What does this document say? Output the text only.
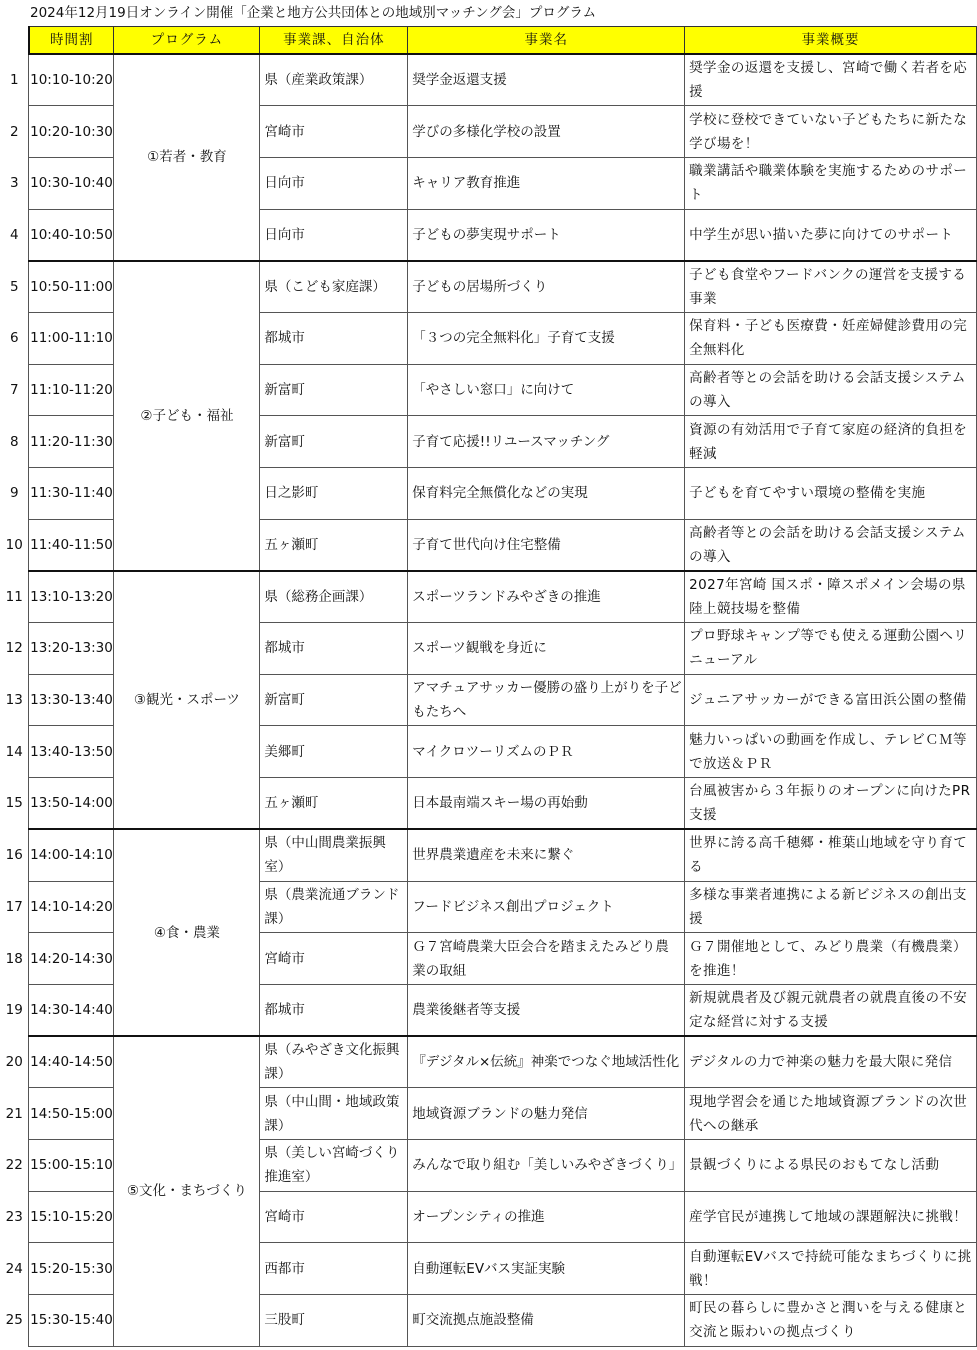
2024年12月19日オンライン開催「企業と地方公共団体との地域別マッチング会」プログラム
	時間割	プログラム	事業課、自治体	事業名	事業概要
1	10:10-10:20	①若者・教育	県（産業政策課）	奨学金返還支援	奨学金の返還を支援し、宮崎で働く若者を応援
2	10:20-10:30		宮崎市	学びの多様化学校の設置	学校に登校できていない子どもたちに新たな学び場を！
3	10:30-10:40		日向市	キャリア教育推進	職業講話や職業体験を実施するためのサポート
4	10:40-10:50		日向市	子どもの夢実現サポート	中学生が思い描いた夢に向けてのサポート
5	10:50-11:00	②子ども・福祉	県（こども家庭課）	子どもの居場所づくり	子ども食堂やフードバンクの運営を支援する事業
6	11:00-11:10		都城市	「３つの完全無料化」子育て支援	保育料・子ども医療費・妊産婦健診費用の完全無料化
7	11:10-11:20		新富町	「やさしい窓口」に向けて	高齢者等との会話を助ける会話支援システムの導入
8	11:20-11:30		新富町	子育て応援!!リユースマッチング	資源の有効活用で子育て家庭の経済的負担を軽減
9	11:30-11:40		日之影町	保育料完全無償化などの実現	子どもを育てやすい環境の整備を実施
10	11:40-11:50		五ヶ瀬町	子育て世代向け住宅整備	高齢者等との会話を助ける会話支援システムの導入
11	13:10-13:20	③観光・スポーツ	県（総務企画課）	スポーツランドみやざきの推進	2027年宮崎 国スポ・障スポメイン会場の県陸上競技場を整備
12	13:20-13:30		都城市	スポーツ観戦を身近に	プロ野球キャンプ等でも使える運動公園へリニューアル
13	13:30-13:40		新富町	アマチュアサッカー優勝の盛り上がりを子どもたちへ	ジュニアサッカーができる富田浜公園の整備
14	13:40-13:50		美郷町	マイクロツーリズムのＰＲ	魅力いっぱいの動画を作成し、テレビＣＭ等で放送＆ＰＲ
15	13:50-14:00		五ヶ瀬町	日本最南端スキー場の再始動	台風被害から３年振りのオープンに向けたPR支援
16	14:00-14:10	④食・農業	県（中山間農業振興室）	世界農業遺産を未来に繋ぐ	世界に誇る高千穂郷・椎葉山地域を守り育てる
17	14:10-14:20		県（農業流通ブランド課）	フードビジネス創出プロジェクト	多様な事業者連携による新ビジネスの創出支援
18	14:20-14:30		宮崎市	Ｇ７宮崎農業大臣会合を踏まえたみどり農業の取組	Ｇ７開催地として、みどり農業（有機農業）を推進！
19	14:30-14:40		都城市	農業後継者等支援	新規就農者及び親元就農者の就農直後の不安定な経営に対する支援
20	14:40-14:50	⑤文化・まちづくり	県（みやざき文化振興課）	『デジタル×伝統』神楽でつなぐ地域活性化	デジタルの力で神楽の魅力を最大限に発信
21	14:50-15:00		県（中山間・地域政策課）	地域資源ブランドの魅力発信	現地学習会を通じた地域資源ブランドの次世代への継承
22	15:00-15:10		県（美しい宮崎づくり推進室）	みんなで取り組む「美しいみやざきづくり」	景観づくりによる県民のおもてなし活動
23	15:10-15:20		宮崎市	オープンシティの推進	産学官民が連携して地域の課題解決に挑戦！
24	15:20-15:30		西都市	自動運転EVバス実証実験	自動運転EVバスで持続可能なまちづくりに挑戦！
25	15:30-15:40		三股町	町交流拠点施設整備	町民の暮らしに豊かさと潤いを与える健康と交流と賑わいの拠点づくり
